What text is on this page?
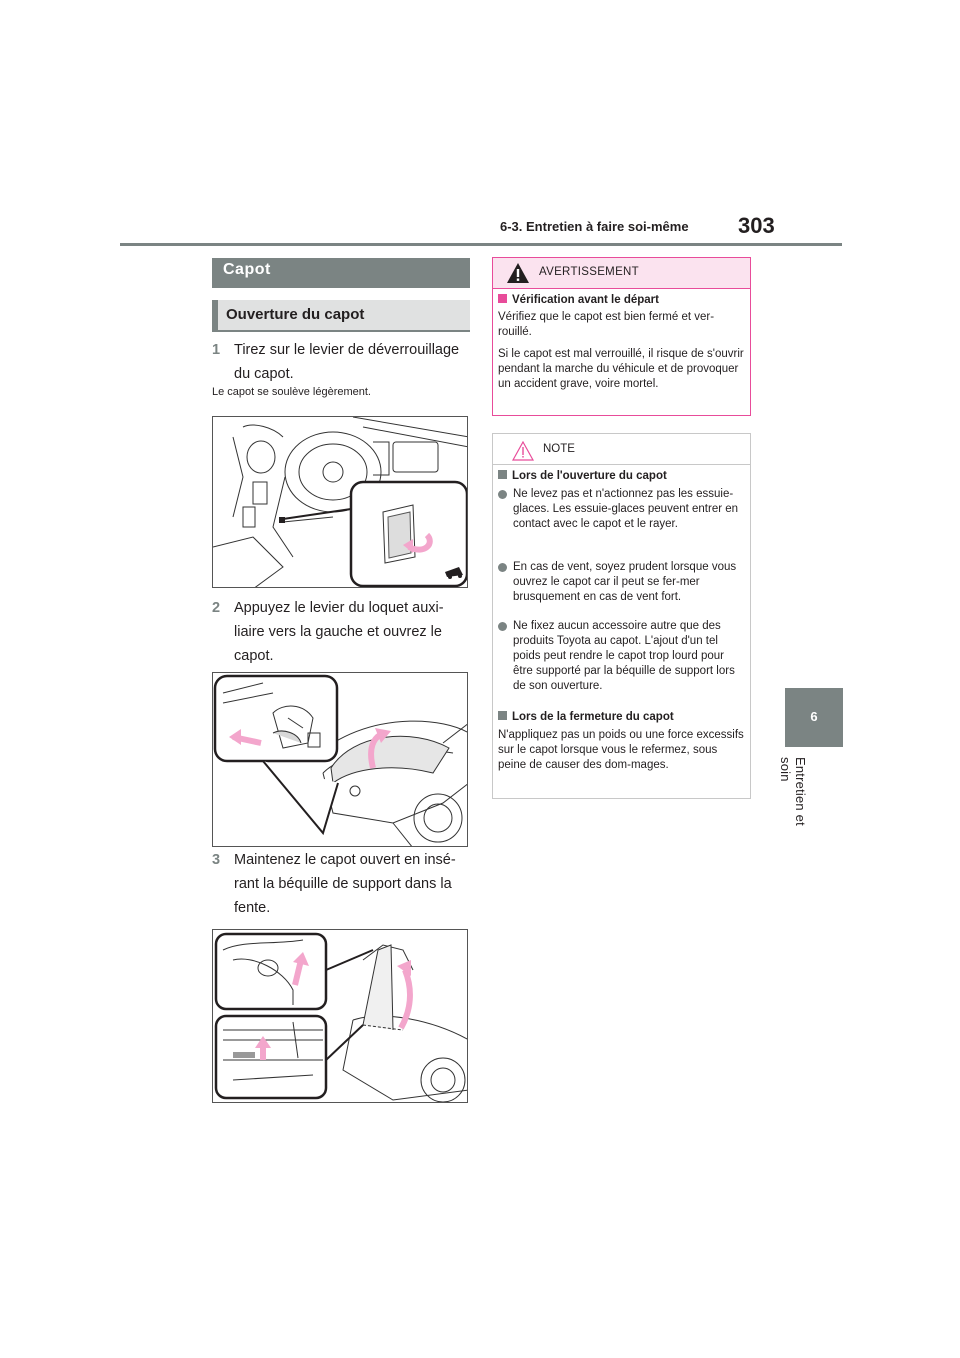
6-3. Entretien à faire soi-même 303
6
Entretien et soin
Capot
Ouverture du capot
1 Tirez sur le levier de déverrouillage du capot.
Le capot se soulève légèrement.
2 Appuyez le levier du loquet auxi-liaire vers la gauche et ouvrez le capot.
3 Maintenez le capot ouvert en insé-rant la béquille de support dans la fente.
AVERTISSEMENT
Vérification avant le départ
Vérifiez que le capot est bien fermé et ver-rouillé.
Si le capot est mal verrouillé, il risque de s'ouvrir pendant la marche du véhicule et de provoquer un accident grave, voire mortel.
NOTE
Lors de l'ouverture du capot
Ne levez pas et n'actionnez pas les essuie-glaces. Les essuie-glaces peuvent entrer en contact avec le capot et le rayer.
En cas de vent, soyez prudent lorsque vous ouvrez le capot car il peut se fer-mer brusquement en cas de vent fort.
Ne fixez aucun accessoire autre que des produits Toyota au capot. L'ajout d'un tel poids peut rendre le capot trop lourd pour être supporté par la béquille de support lors de son ouverture.
Lors de la fermeture du capot
N'appliquez pas un poids ou une force excessifs sur le capot lorsque vous le refermez, sous peine de causer des dom-mages.
